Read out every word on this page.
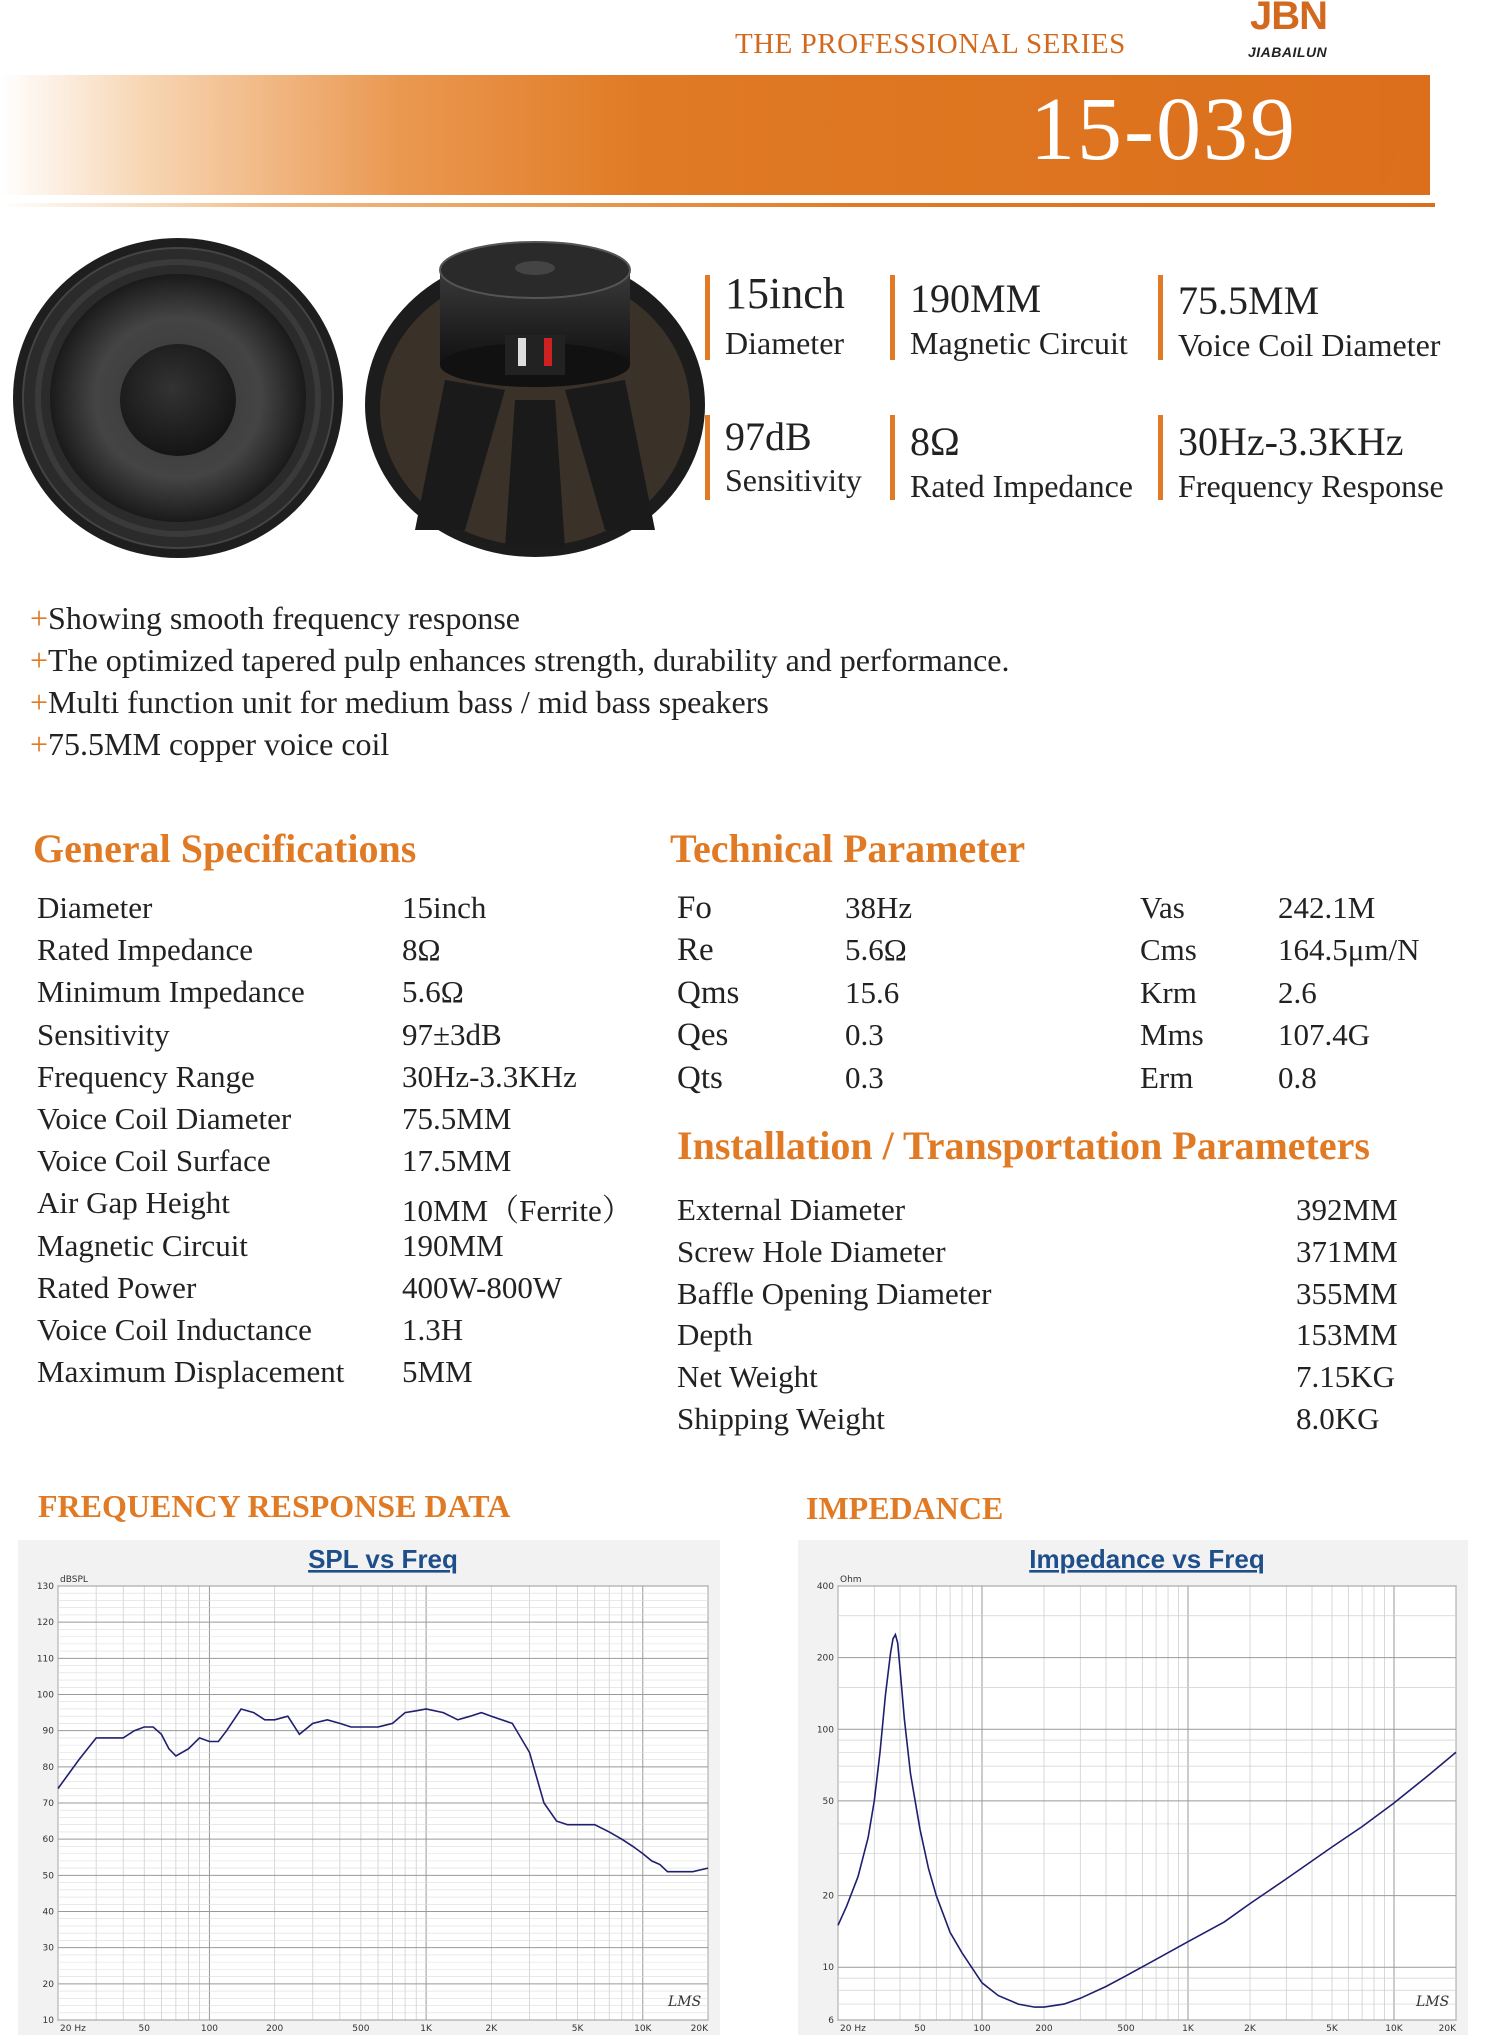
THE PROFESSIONAL SERIES
JBN
JIABAILUN
15-039
15inch
Diameter
190MM
Magnetic Circuit
75.5MM
Voice Coil Diameter
97dB
Sensitivity
8Ω
Rated Impedance
30Hz-3.3KHz
Frequency Response
+Showing smooth frequency response
+The optimized tapered pulp enhances strength, durability and performance.
+Multi function unit for medium bass / mid bass speakers
+75.5MM copper voice coil
General Specifications
Diameter	15inch
Rated Impedance	8Ω
Minimum Impedance	5.6Ω
Sensitivity	97±3dB
Frequency Range	30Hz-3.3KHz
Voice Coil Diameter	75.5MM
Voice Coil Surface	17.5MM
Air Gap Height	10MM（Ferrite）
Magnetic Circuit	190MM
Rated Power	400W-800W
Voice Coil Inductance	1.3H
Maximum Displacement 5MM
Technical Parameter
Fo	38Hz	Vas	242.1M
Re	5.6Ω	Cms	164.5μm/N
Qms	15.6	Krm	2.6
Qes	0.3	Mms 107.4G
Qts	0.3	Erm	0.8
Installation / Transportation Parameters
External Diameter	392MM
Screw Hole Diameter	371MM
Baffle Opening Diameter	355MM
Depth	153MM
Net Weight	7.15KG
Shipping Weight	8.0KG
FREQUENCY RESPONSE DATA	IMPEDANCE
SPL vs Freq
10
20
30
40
50
60
70
80
90
100
110
120
130
dBSPL
20 Hz	50	100	200	500	1K	2K	5K	10K	20K
LMS
Impedance vs Freq
6
10
20
50
100
200
400
Ohm
20 Hz	50	100	200	500	1K	2K	5K	10K	20K
LMS
